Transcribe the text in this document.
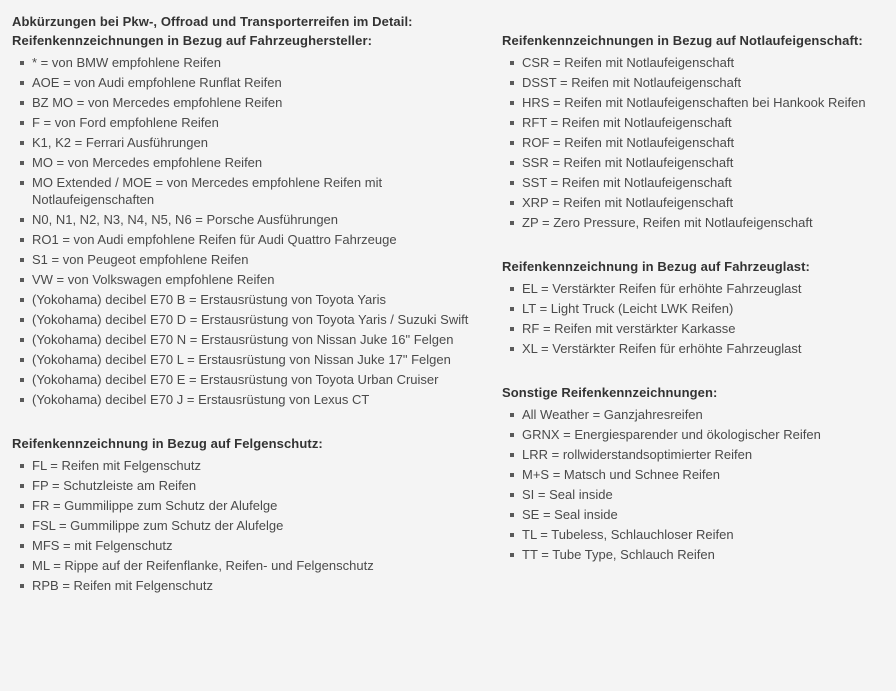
Abkürzungen bei Pkw-, Offroad und Transporterreifen im Detail:
Reifenkennzeichnungen in Bezug auf Fahrzeughersteller:
* = von BMW empfohlene Reifen
AOE = von Audi empfohlene Runflat Reifen
BZ MO = von Mercedes empfohlene Reifen
F = von Ford empfohlene Reifen
K1, K2 = Ferrari Ausführungen
MO = von Mercedes empfohlene Reifen
MO Extended / MOE = von Mercedes empfohlene Reifen mit Notlaufeigenschaften
N0, N1, N2, N3, N4, N5, N6 = Porsche Ausführungen
RO1 = von Audi empfohlene Reifen für Audi Quattro Fahrzeuge
S1 = von Peugeot empfohlene Reifen
VW = von Volkswagen empfohlene Reifen
(Yokohama) decibel E70 B = Erstausrüstung von Toyota Yaris
(Yokohama) decibel E70 D = Erstausrüstung von Toyota Yaris / Suzuki Swift
(Yokohama) decibel E70 N = Erstausrüstung von Nissan Juke 16" Felgen
(Yokohama) decibel E70 L = Erstausrüstung von Nissan Juke 17" Felgen
(Yokohama) decibel E70 E = Erstausrüstung von Toyota Urban Cruiser
(Yokohama) decibel E70 J = Erstausrüstung von Lexus CT
Reifenkennzeichnung in Bezug auf Felgenschutz:
FL = Reifen mit Felgenschutz
FP = Schutzleiste am Reifen
FR = Gummilippe zum Schutz der Alufelge
FSL = Gummilippe zum Schutz der Alufelge
MFS = mit Felgenschutz
ML = Rippe auf der Reifenflanke, Reifen- und Felgenschutz
RPB = Reifen mit Felgenschutz
Reifenkennzeichnungen in Bezug auf Notlaufeigenschaft:
CSR = Reifen mit Notlaufeigenschaft
DSST = Reifen mit Notlaufeigenschaft
HRS = Reifen mit Notlaufeigenschaften bei Hankook Reifen
RFT = Reifen mit Notlaufeigenschaft
ROF = Reifen mit Notlaufeigenschaft
SSR = Reifen mit Notlaufeigenschaft
SST = Reifen mit Notlaufeigenschaft
XRP = Reifen mit Notlaufeigenschaft
ZP = Zero Pressure, Reifen mit Notlaufeigenschaft
Reifenkennzeichnung in Bezug auf Fahrzeuglast:
EL = Verstärkter Reifen für erhöhte Fahrzeuglast
LT = Light Truck (Leicht LWK Reifen)
RF = Reifen mit verstärkter Karkasse
XL = Verstärkter Reifen für erhöhte Fahrzeuglast
Sonstige Reifenkennzeichnungen:
All Weather = Ganzjahresreifen
GRNX = Energiesparender und ökologischer Reifen
LRR = rollwiderstandsoptimierter Reifen
M+S = Matsch und Schnee Reifen
SI = Seal inside
SE = Seal inside
TL = Tubeless, Schlauchloser Reifen
TT = Tube Type, Schlauch Reifen
